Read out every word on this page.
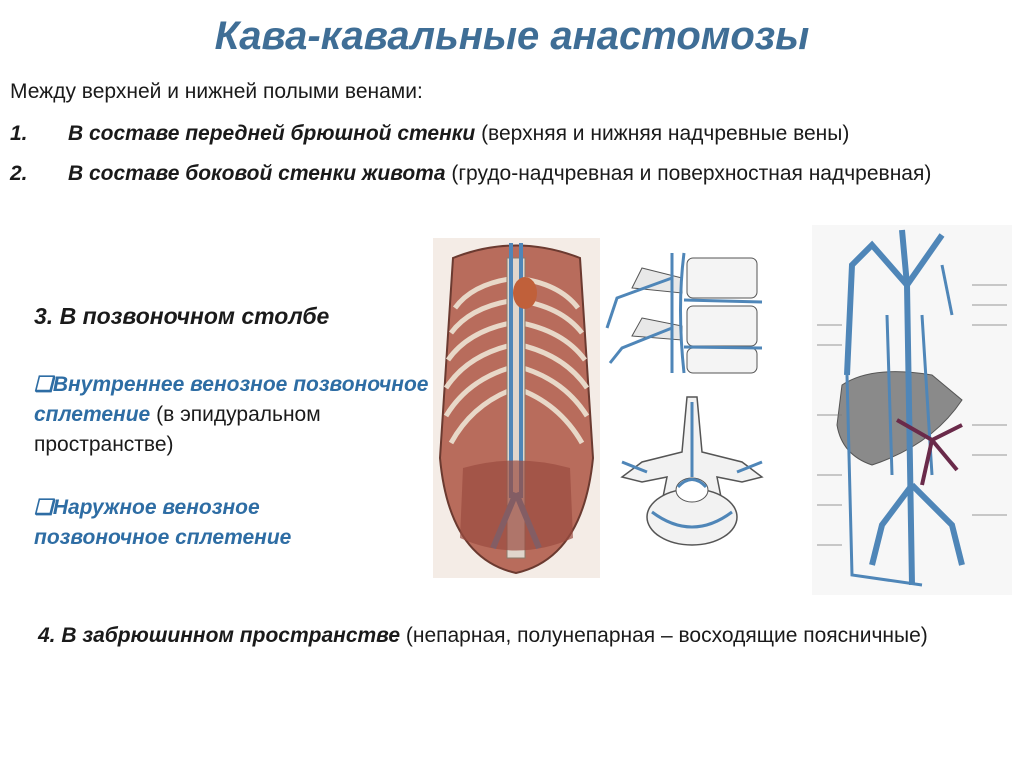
Кава-кавальные анастомозы
Между верхней и нижней полыми венами:
1. В составе передней брюшной стенки (верхняя и нижняя надчревные вены)
2. В составе боковой стенки живота (грудо-надчревная и поверхностная надчревная)
3. В позвоночном столбе
❑Внутреннее венозное позвоночное сплетение (в эпидуральном пространстве)
❑Наружное венозное позвоночное сплетение
4. В забрюшинном пространстве (непарная, полунепарная – восходящие поясничные)
